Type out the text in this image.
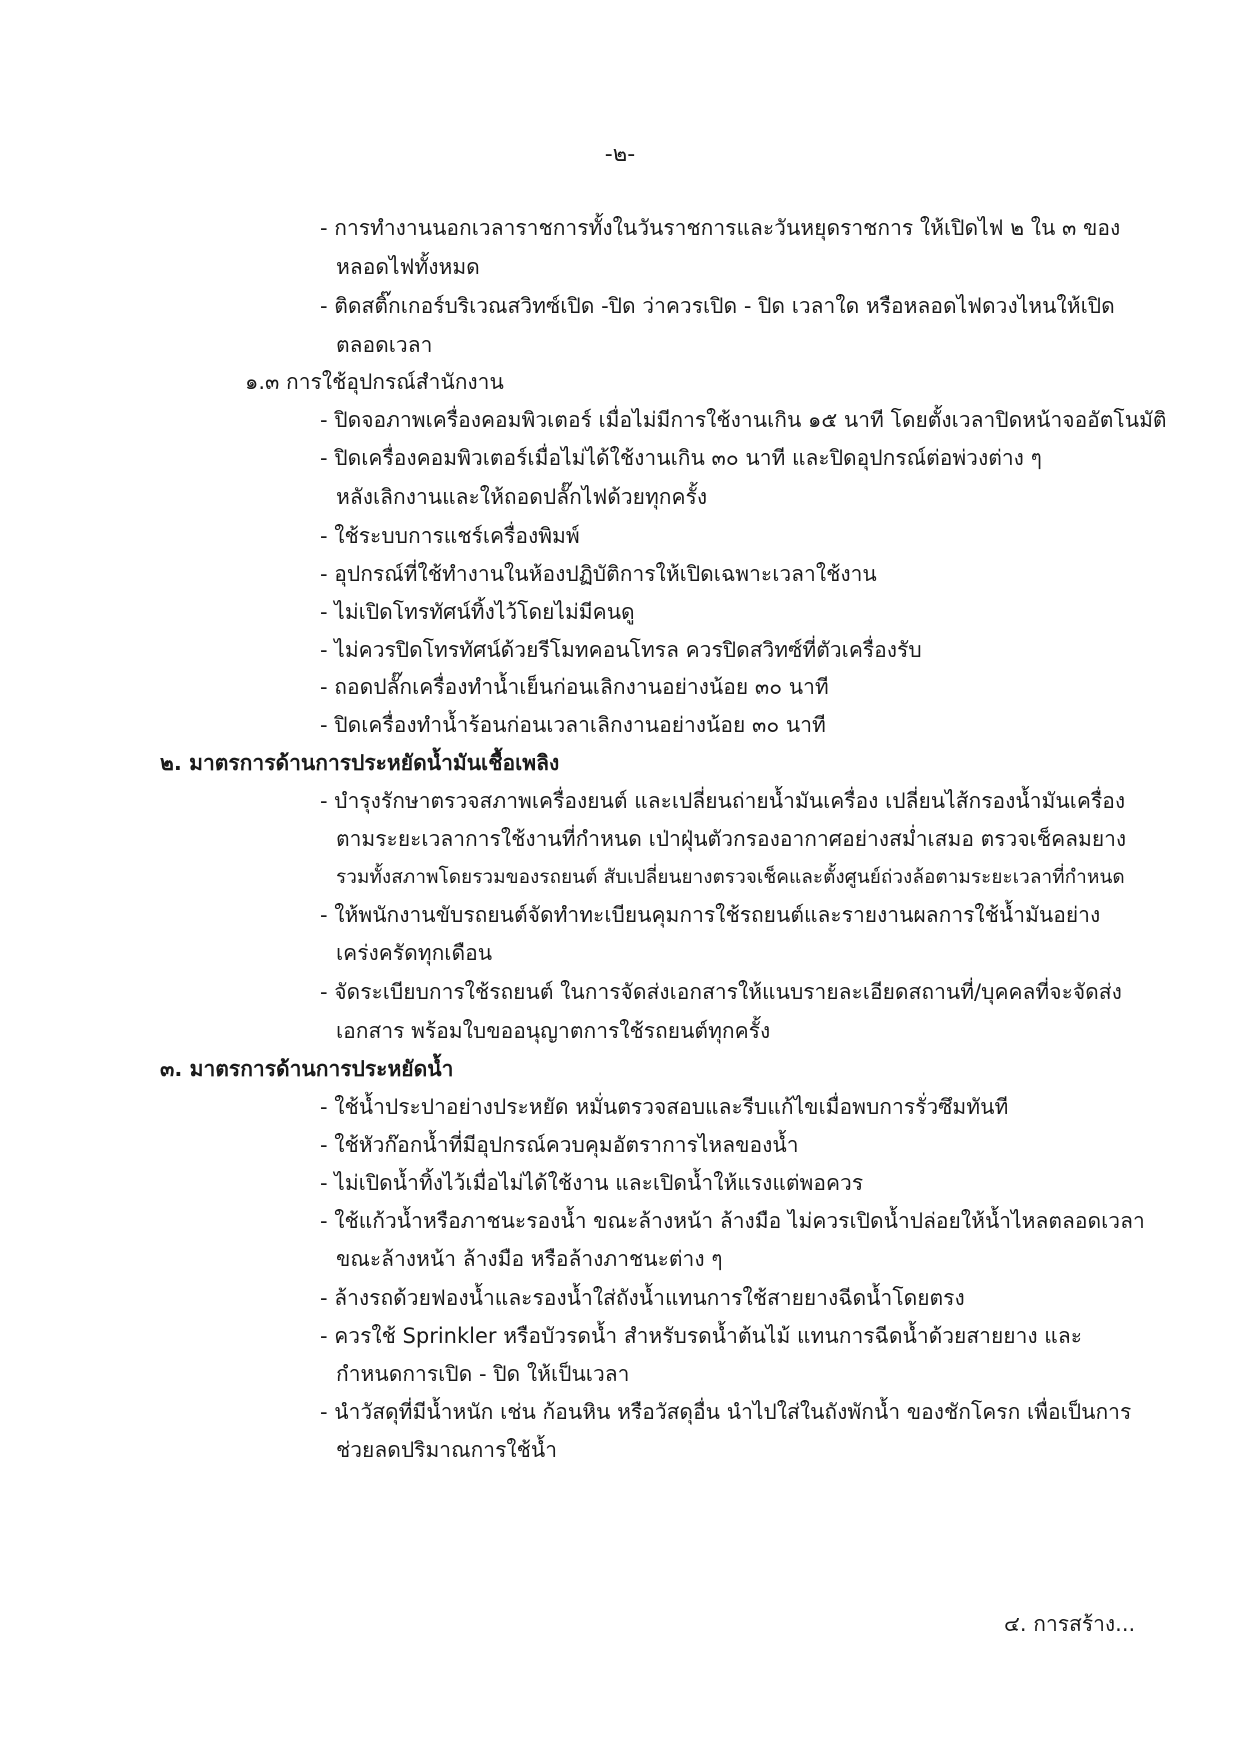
-๒-
- การทำงานนอกเวลาราชการทั้งในวันราชการและวันหยุดราชการ ให้เปิดไฟ ๒ ใน ๓ ของ
หลอดไฟทั้งหมด
- ติดสติ๊กเกอร์บริเวณสวิทซ์เปิด -ปิด ว่าควรเปิด - ปิด เวลาใด หรือหลอดไฟดวงไหนให้เปิด
ตลอดเวลา
๑.๓ การใช้อุปกรณ์สำนักงาน
- ปิดจอภาพเครื่องคอมพิวเตอร์ เมื่อไม่มีการใช้งานเกิน ๑๕ นาที โดยตั้งเวลาปิดหน้าจออัตโนมัติ
- ปิดเครื่องคอมพิวเตอร์เมื่อไม่ได้ใช้งานเกิน ๓๐ นาที และปิดอุปกรณ์ต่อพ่วงต่าง ๆ
หลังเลิกงานและให้ถอดปลั๊กไฟด้วยทุกครั้ง
- ใช้ระบบการแชร์เครื่องพิมพ์
- อุปกรณ์ที่ใช้ทำงานในห้องปฏิบัติการให้เปิดเฉพาะเวลาใช้งาน
- ไม่เปิดโทรทัศน์ทิ้งไว้โดยไม่มีคนดู
- ไม่ควรปิดโทรทัศน์ด้วยรีโมทคอนโทรล ควรปิดสวิทซ์ที่ตัวเครื่องรับ
- ถอดปลั๊กเครื่องทำน้ำเย็นก่อนเลิกงานอย่างน้อย ๓๐ นาที
- ปิดเครื่องทำน้ำร้อนก่อนเวลาเลิกงานอย่างน้อย ๓๐ นาที
๒. มาตรการด้านการประหยัดน้ำมันเชื้อเพลิง
- บำรุงรักษาตรวจสภาพเครื่องยนต์ และเปลี่ยนถ่ายน้ำมันเครื่อง เปลี่ยนไส้กรองน้ำมันเครื่อง
ตามระยะเวลาการใช้งานที่กำหนด เป่าฝุ่นตัวกรองอากาศอย่างสม่ำเสมอ ตรวจเช็คลมยาง
รวมทั้งสภาพโดยรวมของรถยนต์ สับเปลี่ยนยางตรวจเช็คและตั้งศูนย์ถ่วงล้อตามระยะเวลาที่กำหนด
- ให้พนักงานขับรถยนต์จัดทำทะเบียนคุมการใช้รถยนต์และรายงานผลการใช้น้ำมันอย่าง
เคร่งครัดทุกเดือน
- จัดระเบียบการใช้รถยนต์ ในการจัดส่งเอกสารให้แนบรายละเอียดสถานที่/บุคคลที่จะจัดส่ง
เอกสาร พร้อมใบขออนุญาตการใช้รถยนต์ทุกครั้ง
๓. มาตรการด้านการประหยัดน้ำ
- ใช้น้ำประปาอย่างประหยัด หมั่นตรวจสอบและรีบแก้ไขเมื่อพบการรั่วซึมทันที
- ใช้หัวก๊อกน้ำที่มีอุปกรณ์ควบคุมอัตราการไหลของน้ำ
- ไม่เปิดน้ำทิ้งไว้เมื่อไม่ได้ใช้งาน และเปิดน้ำให้แรงแต่พอควร
- ใช้แก้วน้ำหรือภาชนะรองน้ำ ขณะล้างหน้า ล้างมือ ไม่ควรเปิดน้ำปล่อยให้น้ำไหลตลอดเวลา
ขณะล้างหน้า ล้างมือ หรือล้างภาชนะต่าง ๆ
- ล้างรถด้วยฟองน้ำและรองน้ำใส่ถังน้ำแทนการใช้สายยางฉีดน้ำโดยตรง
- ควรใช้ Sprinkler หรือบัวรดน้ำ สำหรับรดน้ำต้นไม้ แทนการฉีดน้ำด้วยสายยาง และ
กำหนดการเปิด - ปิด ให้เป็นเวลา
- นำวัสดุที่มีน้ำหนัก เช่น ก้อนหิน หรือวัสดุอื่น นำไปใส่ในถังพักน้ำ ของชักโครก เพื่อเป็นการ
ช่วยลดปริมาณการใช้น้ำ
๔. การสร้าง...
